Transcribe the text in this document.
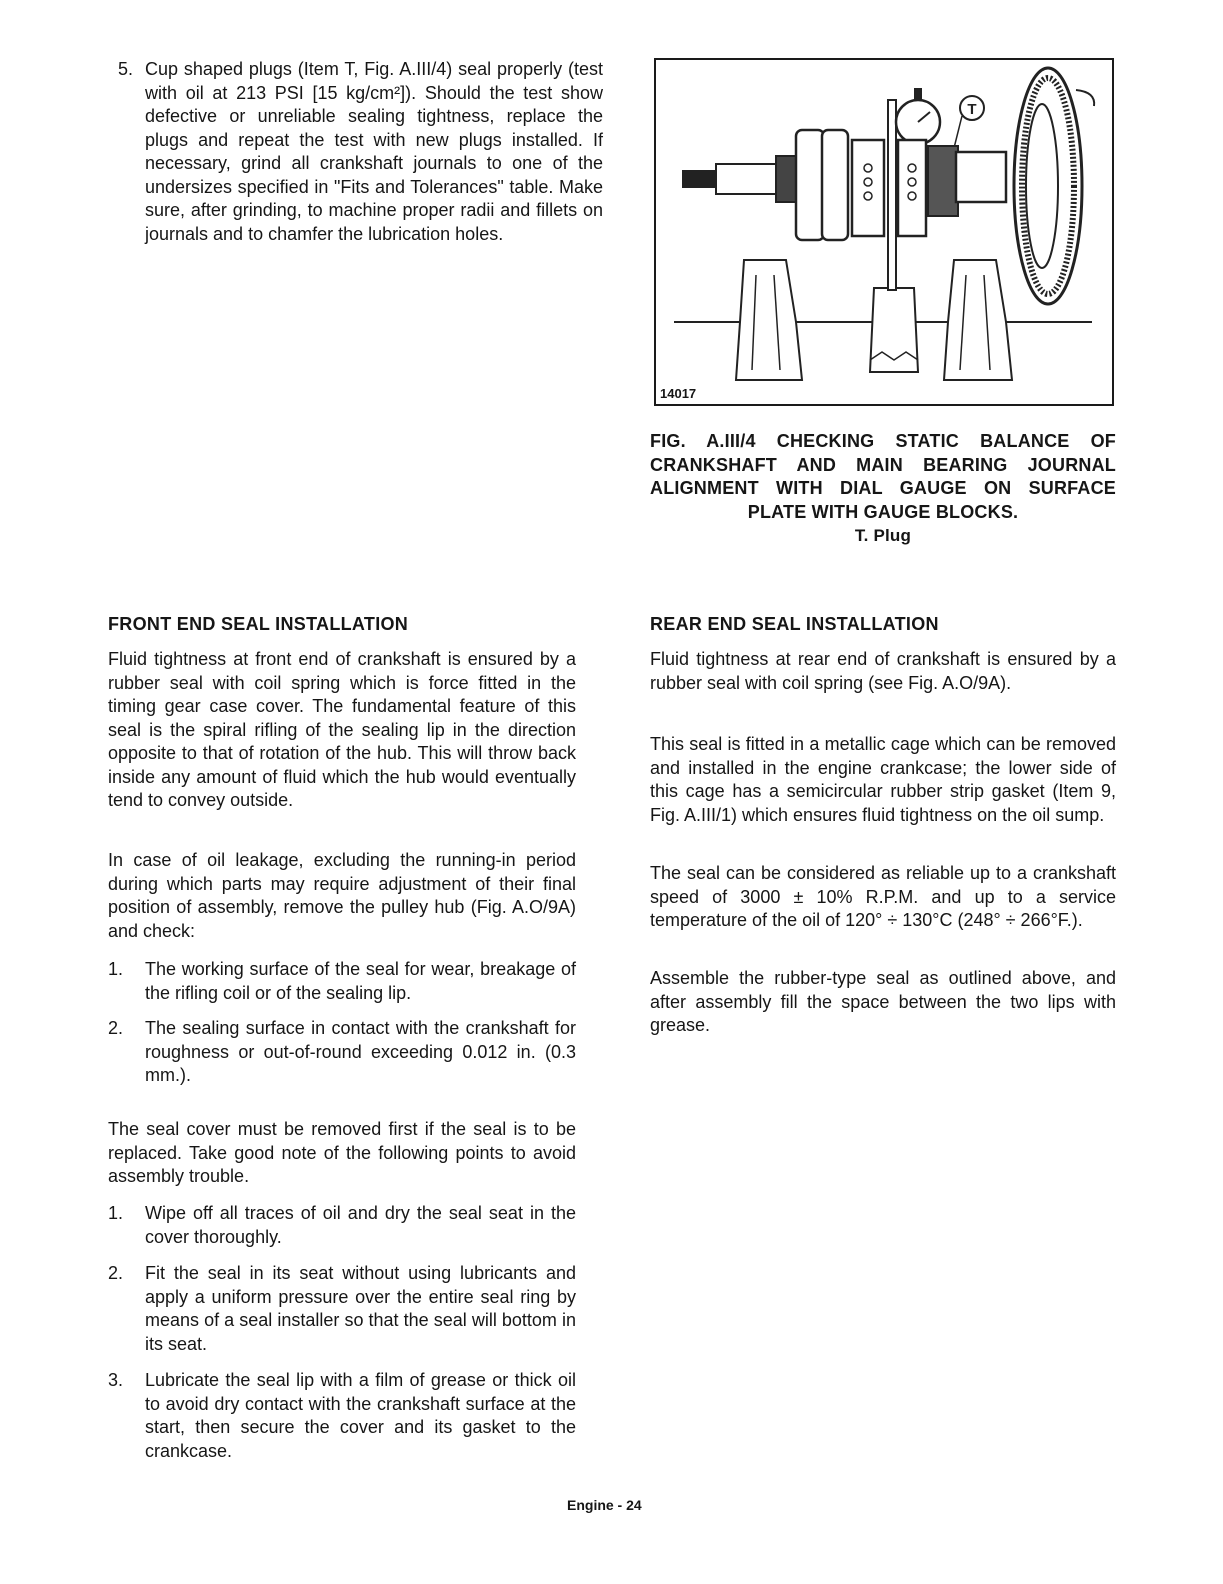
5. Cup shaped plugs (Item T, Fig. A.III/4) seal properly (test with oil at 213 PSI [15 kg/cm²]). Should the test show defective or unreliable sealing tightness, replace the plugs and repeat the test with new plugs installed. If necessary, grind all crankshaft journals to one of the undersizes specified in "Fits and Tolerances" table. Make sure, after grinding, to machine proper radii and fillets on journals and to chamfer the lubrication holes.
T
14017
FIG. A.III/4 CHECKING STATIC BALANCE OF CRANKSHAFT AND MAIN BEARING JOURNAL ALIGNMENT WITH DIAL GAUGE ON SURFACE PLATE WITH GAUGE BLOCKS.
T. Plug
FRONT END SEAL INSTALLATION

Fluid tightness at front end of crankshaft is ensured by a rubber seal with coil spring which is force fitted in the timing gear case cover. The fundamental feature of this seal is the spiral rifling of the sealing lip in the direction opposite to that of rotation of the hub. This will throw back inside any amount of fluid which the hub would eventually tend to convey outside.

In case of oil leakage, excluding the running-in period during which parts may require adjustment of their final position of assembly, remove the pulley hub (Fig. A.O/9A) and check:

1. The working surface of the seal for wear, breakage of the rifling coil or of the sealing lip.
2. The sealing surface in contact with the crankshaft for roughness or out-of-round exceeding 0.012 in. (0.3 mm.).

The seal cover must be removed first if the seal is to be replaced. Take good note of the following points to avoid assembly trouble.

1. Wipe off all traces of oil and dry the seal seat in the cover thoroughly.
2. Fit the seal in its seat without using lubricants and apply a uniform pressure over the entire seal ring by means of a seal installer so that the seal will bottom in its seat.
3. Lubricate the seal lip with a film of grease or thick oil to avoid dry contact with the crankshaft surface at the start, then secure the cover and its gasket to the crankcase.
REAR END SEAL INSTALLATION

Fluid tightness at rear end of crankshaft is ensured by a rubber seal with coil spring (see Fig. A.O/9A).

This seal is fitted in a metallic cage which can be removed and installed in the engine crankcase; the lower side of this cage has a semicircular rubber strip gasket (Item 9, Fig. A.III/1) which ensures fluid tightness on the oil sump.

The seal can be considered as reliable up to a crankshaft speed of 3000 ± 10% R.P.M. and up to a service temperature of the oil of 120° ÷ 130°C (248° ÷ 266°F.).

Assemble the rubber-type seal as outlined above, and after assembly fill the space between the two lips with grease.

Engine - 24
